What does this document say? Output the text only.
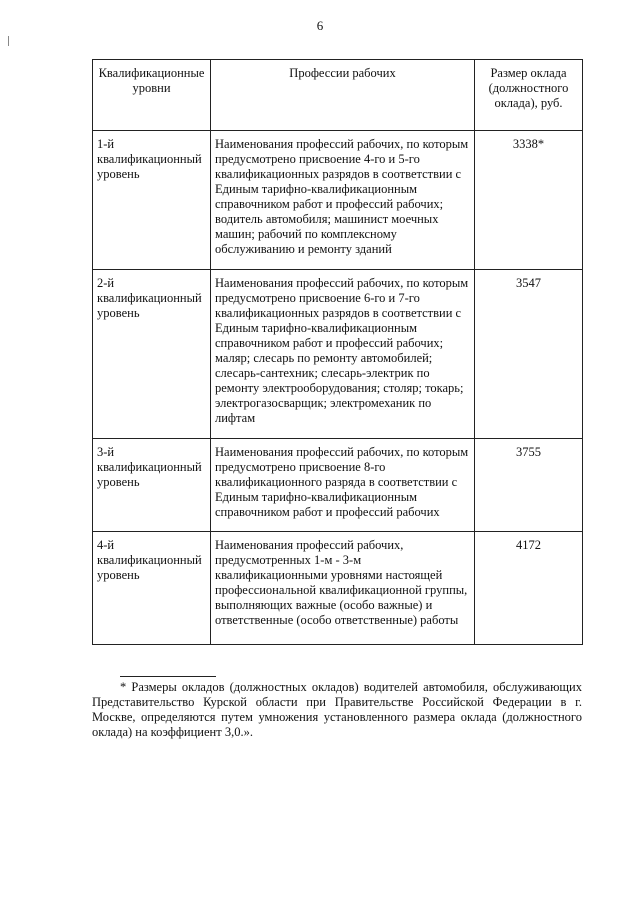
6
Квалификационные уровни	Профессии рабочих	Размер оклада (должностного оклада), руб.
1-й квалификационный уровень	Наименования профессий рабочих, по которым предусмотрено присвоение 4-го и 5-го квалификационных разрядов в соответствии с Единым тарифно-квалификационным справочником работ и профессий рабочих; водитель автомобиля; машинист моечных машин; рабочий по комплексному обслуживанию и ремонту зданий	3338*
2-й квалификационный уровень	Наименования профессий рабочих, по которым предусмотрено присвоение 6-го и 7-го квалификационных разрядов в соответствии с Единым тарифно-квалификационным справочником работ и профессий рабочих; маляр; слесарь по ремонту автомобилей; слесарь-сантехник; слесарь-электрик по ремонту электрооборудования; столяр; токарь; электрогазосварщик; электромеханик по лифтам	3547
3-й квалификационный уровень	Наименования профессий рабочих, по которым предусмотрено присвоение 8-го квалификационного разряда в соответствии с Единым тарифно-квалификационным справочником работ и профессий рабочих	3755
4-й квалификационный уровень	Наименования профессий рабочих, предусмотренных 1-м - 3-м квалификационными уровнями настоящей профессиональной квалификационной группы, выполняющих важные (особо важные) и ответственные (особо ответственные) работы	4172
* Размеры окладов (должностных окладов) водителей автомобиля, обслуживающих Представительство Курской области при Правительстве Российской Федерации в г. Москве, определяются путем умножения установленного размера оклада (должностного оклада) на коэффициент 3,0.».
